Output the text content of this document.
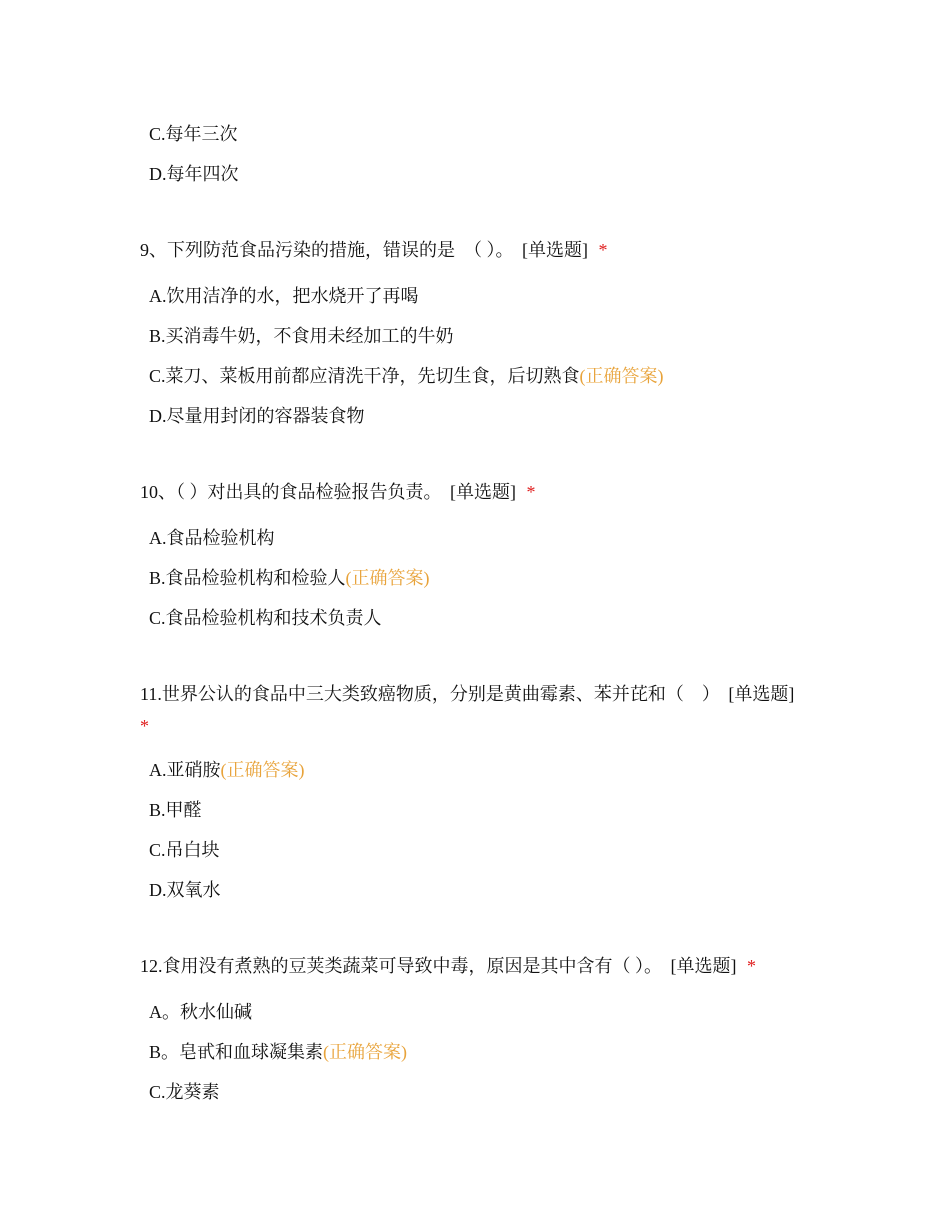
C.每年三次
D.每年四次
9、下列防范食品污染的措施，错误的是　（ ）。 [单选题] *
A.饮用洁净的水，把水烧开了再喝
B.买消毒牛奶，不食用未经加工的牛奶
C.菜刀、菜板用前都应清洗干净，先切生食，后切熟食(正确答案)
D.尽量用封闭的容器装食物
10、（ ）对出具的食品检验报告负责。 [单选题] *
A.食品检验机构
B.食品检验机构和检验人(正确答案)
C.食品检验机构和技术负责人
11.世界公认的食品中三大类致癌物质，分别是黄曲霉素、苯并芘和（　） [单选题]
*
A.亚硝胺(正确答案)
B.甲醛
C.吊白块
D.双氧水
12.食用没有煮熟的豆荚类蔬菜可导致中毒，原因是其中含有（ ）。 [单选题] *
A。秋水仙碱
B。皂甙和血球凝集素(正确答案)
C.龙葵素
